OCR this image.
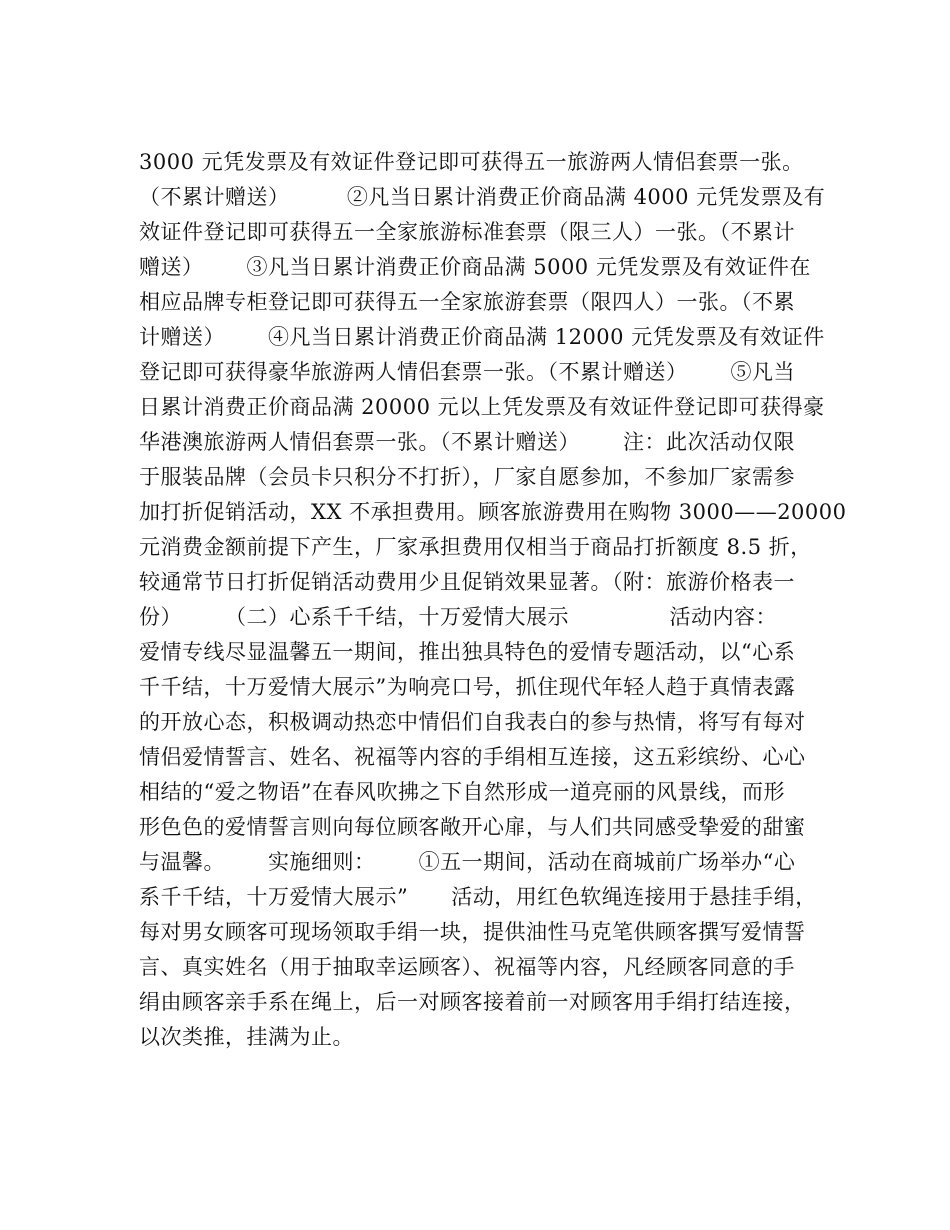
3000 元凭发票及有效证件登记即可获得五一旅游两人情侣套票一张。
（不累计赠送）        ②凡当日累计消费正价商品满 4000 元凭发票及有
效证件登记即可获得五一全家旅游标准套票（限三人）一张。（不累计
赠送）      ③凡当日累计消费正价商品满 5000 元凭发票及有效证件在
相应品牌专柜登记即可获得五一全家旅游套票（限四人）一张。（不累
计赠送）      ④凡当日累计消费正价商品满 12000 元凭发票及有效证件
登记即可获得豪华旅游两人情侣套票一张。（不累计赠送）      ⑤凡当
日累计消费正价商品满 20000 元以上凭发票及有效证件登记即可获得豪
华港澳旅游两人情侣套票一张。（不累计赠送）      注：此次活动仅限
于服装品牌（会员卡只积分不打折），厂家自愿参加，不参加厂家需参
加打折促销活动，XX 不承担费用。顾客旅游费用在购物 3000——20000
元消费金额前提下产生，厂家承担费用仅相当于商品打折额度 8.5 折，
较通常节日打折促销活动费用少且促销效果显著。（附：旅游价格表一
份）      （二）心系千千结，十万爱情大展示              活动内容：
爱情专线尽显温馨五一期间，推出独具特色的爱情专题活动，以“心系
千千结，十万爱情大展示”为响亮口号，抓住现代年轻人趋于真情表露
的开放心态，积极调动热恋中情侣们自我表白的参与热情，将写有每对
情侣爱情誓言、姓名、祝福等内容的手绢相互连接，这五彩缤纷、心心
相结的“爱之物语”在春风吹拂之下自然形成一道亮丽的风景线，而形
形色色的爱情誓言则向每位顾客敞开心扉，与人们共同感受挚爱的甜蜜
与温馨。      实施细则：      ①五一期间，活动在商城前广场举办“心
系千千结，十万爱情大展示”      活动，用红色软绳连接用于悬挂手绢，
每对男女顾客可现场领取手绢一块，提供油性马克笔供顾客撰写爱情誓
言、真实姓名（用于抽取幸运顾客）、祝福等内容，凡经顾客同意的手
绢由顾客亲手系在绳上，后一对顾客接着前一对顾客用手绢打结连接，
以次类推，挂满为止。
